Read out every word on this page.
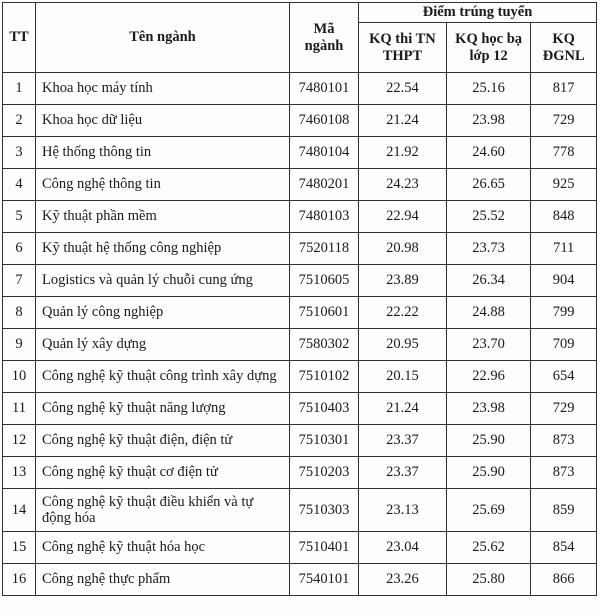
TT	Tên ngành	Mã ngành	Điểm trúng tuyển		
			KQ thi TN THPT	KQ học bạ lớp 12	KQ ĐGNL
1	Khoa học máy tính	7480101	22.54	25.16	817
2	Khoa học dữ liệu	7460108	21.24	23.98	729
3	Hệ thống thông tin	7480104	21.92	24.60	778
4	Công nghệ thông tin	7480201	24.23	26.65	925
5	Kỹ thuật phần mềm	7480103	22.94	25.52	848
6	Kỹ thuật hệ thống công nghiệp	7520118	20.98	23.73	711
7	Logistics và quản lý chuỗi cung ứng	7510605	23.89	26.34	904
8	Quản lý công nghiệp	7510601	22.22	24.88	799
9	Quản lý xây dựng	7580302	20.95	23.70	709
10	Công nghệ kỹ thuật công trình xây dựng	7510102	20.15	22.96	654
11	Công nghệ kỹ thuật năng lượng	7510403	21.24	23.98	729
12	Công nghệ kỹ thuật điện, điện tử	7510301	23.37	25.90	873
13	Công nghệ kỹ thuật cơ điện tử	7510203	23.37	25.90	873
14	Công nghệ kỹ thuật điều khiển và tự động hóa	7510303	23.13	25.69	859
15	Công nghệ kỹ thuật hóa học	7510401	23.04	25.62	854
16	Công nghệ thực phẩm	7540101	23.26	25.80	866
